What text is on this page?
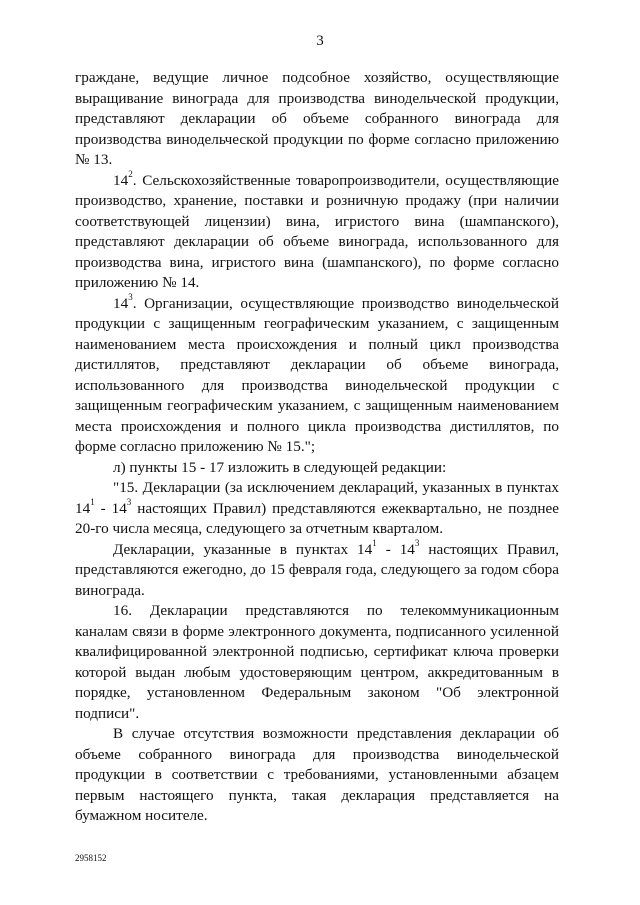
3

граждане, ведущие личное подсобное хозяйство, осуществляющие выращивание винограда для производства винодельческой продукции, представляют декларации об объеме собранного винограда для производства винодельческой продукции по форме согласно приложению № 13.

$14^2$. Сельскохозяйственные товаропроизводители, осуществляющие производство, хранение, поставки и розничную продажу (при наличии соответствующей лицензии) вина, игристого вина (шампанского), представляют декларации об объеме винограда, использованного для производства вина, игристого вина (шампанского), по форме согласно приложению № 14.

$14^3$. Организации, осуществляющие производство винодельческой продукции с защищенным географическим указанием, с защищенным наименованием места происхождения и полный цикл производства дистиллятов, представляют декларации об объеме винограда, использованного для производства винодельческой продукции с защищенным географическим указанием, с защищенным наименованием места происхождения и полного цикла производства дистиллятов, по форме согласно приложению № 15.";

л) пункты 15 - 17 изложить в следующей редакции:

"15. Декларации (за исключением деклараций, указанных в пунктах $14^1 - 14^3$ настоящих Правил) представляются ежеквартально, не позднее 20-го числа месяца, следующего за отчетным кварталом.

Декларации, указанные в пунктах $14^1 - 14^3$ настоящих Правил, представляются ежегодно, до 15 февраля года, следующего за годом сбора винограда.

16. Декларации представляются по телекоммуникационным каналам связи в форме электронного документа, подписанного усиленной квалифицированной электронной подписью, сертификат ключа проверки которой выдан любым удостоверяющим центром, аккредитованным в порядке, установленном Федеральным законом "Об электронной подписи".

В случае отсутствия возможности представления декларации об объеме собранного винограда для производства винодельческой продукции в соответствии с требованиями, установленными абзацем первым настоящего пункта, такая декларация представляется на бумажном носителе.

2958152
